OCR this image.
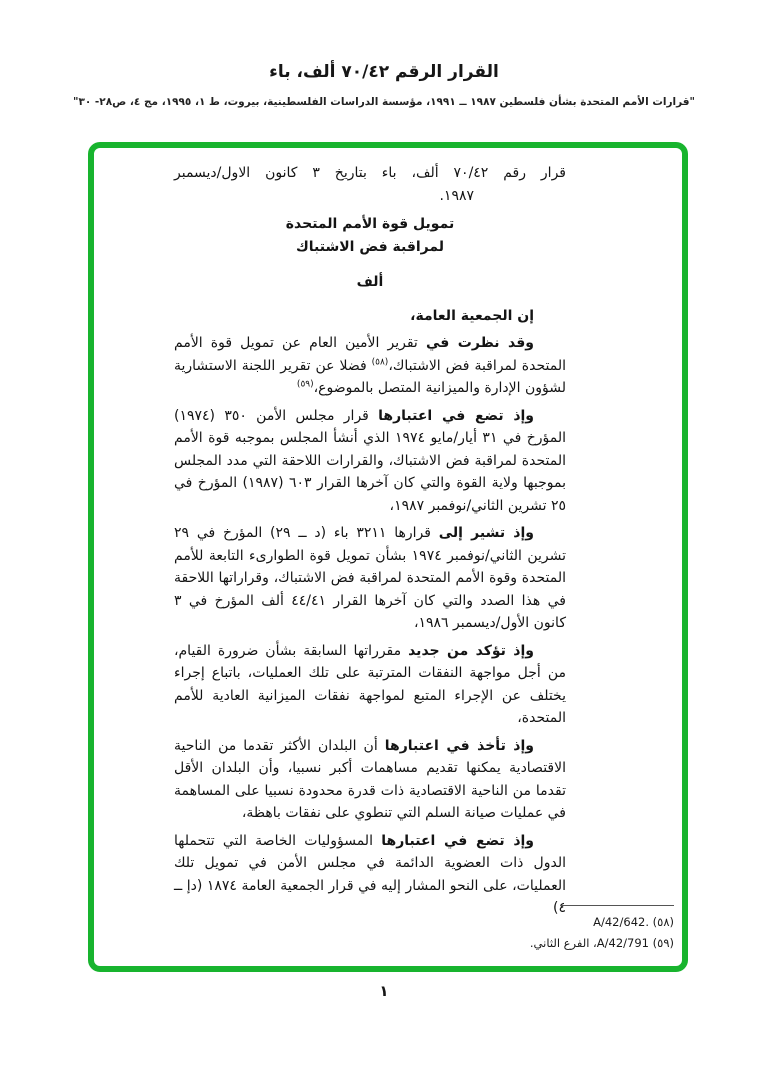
القرار الرقم ٧٠/٤٢ ألف، باء
"قرارات الأمم المتحدة بشأن فلسطين ١٩٨٧ ــ ١٩٩١، مؤسسة الدراسات الفلسطينية، بيروت، ط ١، ١٩٩٥، مج ٤، ص٢٨- ٣٠"
قرار رقم ٧٠/٤٢ ألف، باء بتاريخ ٣ كانون الاول/ديسمبر
١٩٨٧.
تمويل قوة الأمم المتحدة
لمراقبة فض الاشتباك
ألف
إن الجمعية العامة،
وقد نظرت في تقرير الأمين العام عن تمويل قوة الأمم المتحدة لمراقبة فض الاشتباك،$^{(٥٨)}$ فضلا عن تقرير اللجنة الاستشارية لشؤون الإدارة والميزانية المتصل بالموضوع،$^{(٥٩)}$
وإذ تضع في اعتبارها قرار مجلس الأمن ٣٥٠ (١٩٧٤) المؤرخ في ٣١ أيار/مايو ١٩٧٤ الذي أنشأ المجلس بموجبه قوة الأمم المتحدة لمراقبة فض الاشتباك، والقرارات اللاحقة التي مدد المجلس بموجبها ولاية القوة والتي كان آخرها القرار ٦٠٣ (١٩٨٧) المؤرخ في ٢٥ تشرين الثاني/نوفمبر ١٩٨٧،
وإذ تشير إلى قرارها ٣٢١١ باء (د ــ ٢٩) المؤرخ في ٢٩ تشرين الثاني/نوفمبر ١٩٧٤ بشأن تمويل قوة الطوارىء التابعة للأمم المتحدة وقوة الأمم المتحدة لمراقبة فض الاشتباك، وقراراتها اللاحقة في هذا الصدد والتي كان آخرها القرار ٤٤/٤١ ألف المؤرخ في ٣ كانون الأول/ديسمبر ١٩٨٦،
وإذ تؤكد من جديد مقرراتها السابقة بشأن ضرورة القيام، من أجل مواجهة النفقات المترتبة على تلك العمليات، باتباع إجراء يختلف عن الإجراء المتبع لمواجهة نفقات الميزانية العادية للأمم المتحدة،
وإذ تأخذ في اعتبارها أن البلدان الأكثر تقدما من الناحية الاقتصادية يمكنها تقديم مساهمات أكبر نسبيا، وأن البلدان الأقل تقدما من الناحية الاقتصادية ذات قدرة محدودة نسبيا على المساهمة في عمليات صيانة السلم التي تنطوي على نفقات باهظة،
وإذ تضع في اعتبارها المسؤوليات الخاصة التي تتحملها الدول ذات العضوية الدائمة في مجلس الأمن في تمويل تلك العمليات، على النحو المشار إليه في قرار الجمعية العامة ١٨٧٤ (دإ ــ ٤)
(٥٨) A/42/642.
(٥٩) A/42/791، الفرع الثاني.
١
